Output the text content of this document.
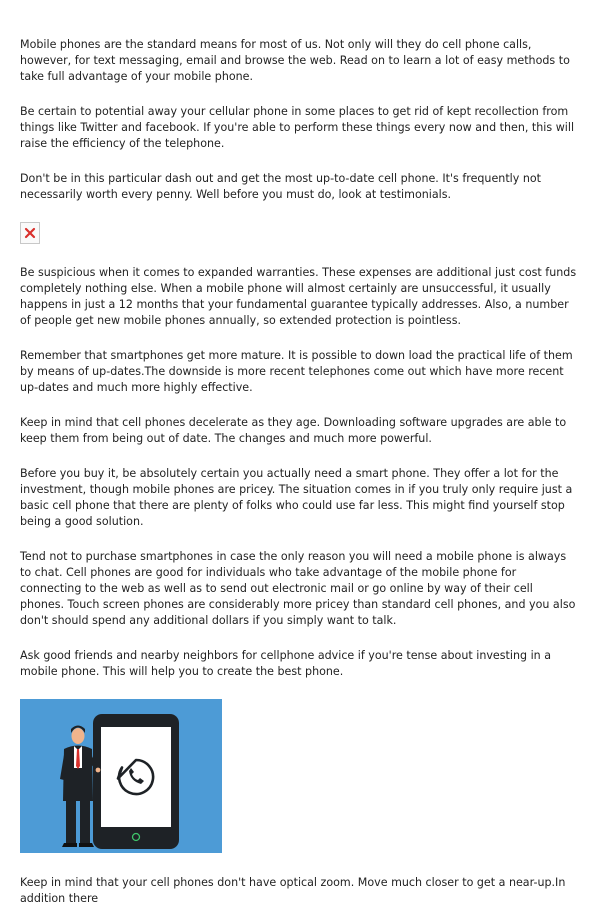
Mobile phones are the standard means for most of us. Not only will they do cell phone calls, however, for text messaging, email and browse the web. Read on to learn a lot of easy methods to take full advantage of your mobile phone.

Be certain to potential away your cellular phone in some places to get rid of kept recollection from things like Twitter and facebook. If you're able to perform these things every now and then, this will raise the efficiency of the telephone.

Don't be in this particular dash out and get the most up-to-date cell phone. It's frequently not necessarily worth every penny. Well before you must do, look at testimonials.

Be suspicious when it comes to expanded warranties. These expenses are additional just cost funds completely nothing else. When a mobile phone will almost certainly are unsuccessful, it usually happens in just a 12 months that your fundamental guarantee typically addresses. Also, a number of people get new mobile phones annually, so extended protection is pointless.

Remember that smartphones get more mature. It is possible to down load the practical life of them by means of up-dates.The downside is more recent telephones come out which have more recent up-dates and much more highly effective.

Keep in mind that cell phones decelerate as they age. Downloading software upgrades are able to keep them from being out of date. The changes and much more powerful.

Before you buy it, be absolutely certain you actually need a smart phone. They offer a lot for the investment, though mobile phones are pricey. The situation comes in if you truly only require just a basic cell phone that there are plenty of folks who could use far less. This might find yourself stop being a good solution.

Tend not to purchase smartphones in case the only reason you will need a mobile phone is always to chat. Cell phones are good for individuals who take advantage of the mobile phone for connecting to the web as well as to send out electronic mail or go online by way of their cell phones. Touch screen phones are considerably more pricey than standard cell phones, and you also don't should spend any additional dollars if you simply want to talk.

Ask good friends and nearby neighbors for cellphone advice if you're tense about investing in a mobile phone. This will help you to create the best phone.

Keep in mind that your cell phones don't have optical zoom. Move much closer to get a near-up.In addition there
